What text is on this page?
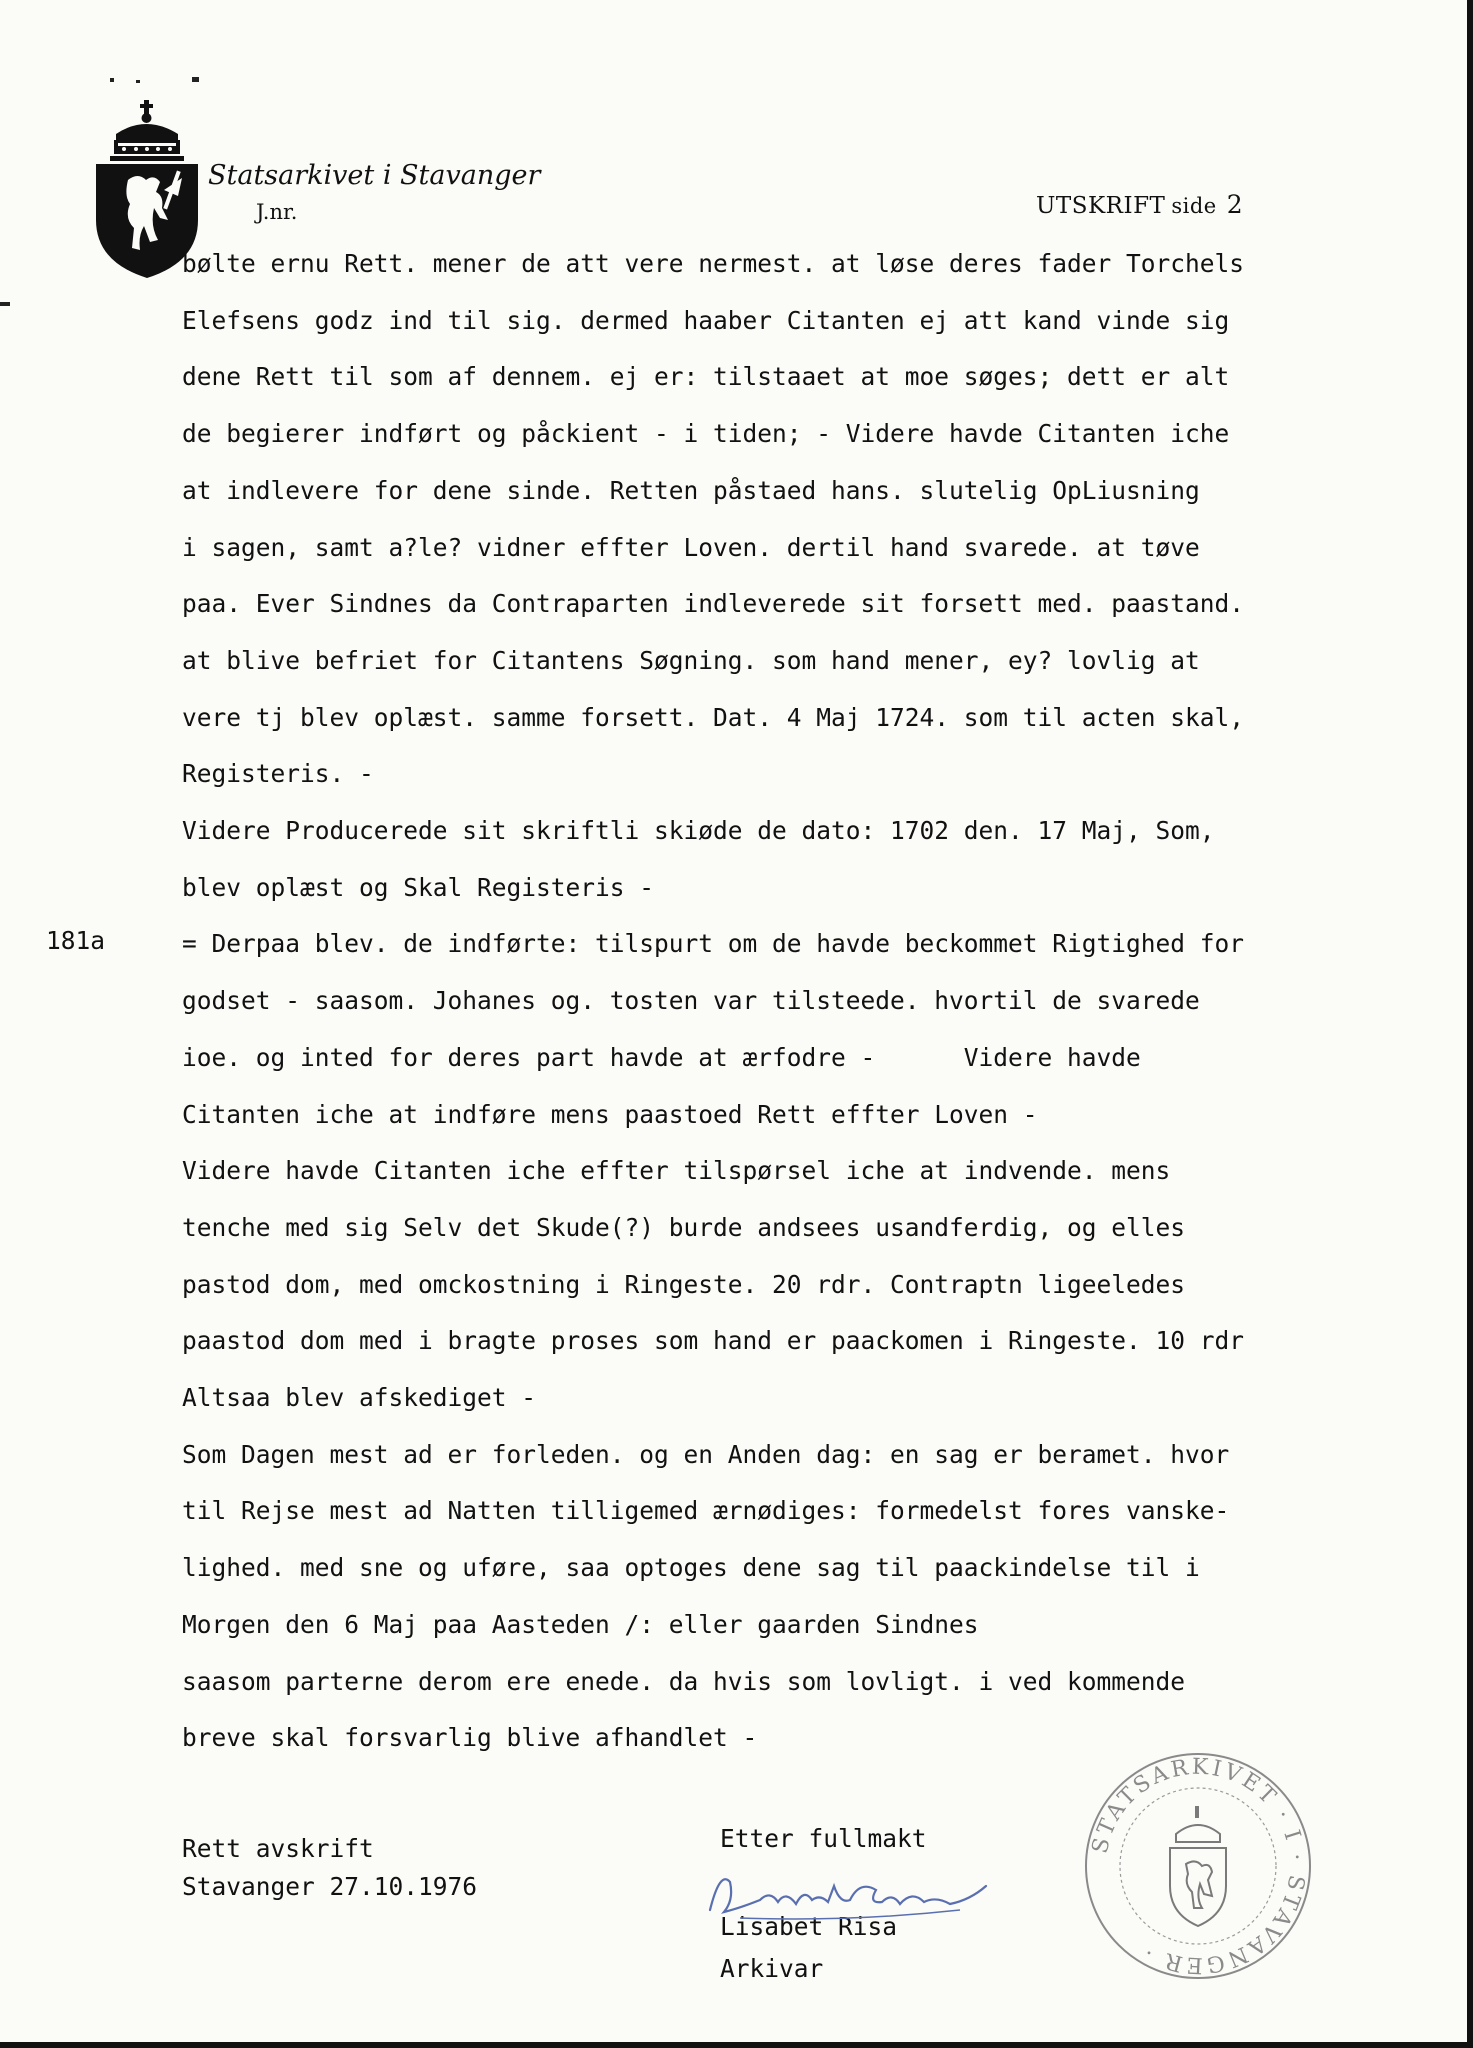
Statsarkivet i Stavanger
J.nr.	UTSKRIFT side 2
181a
bølte ernu Rett. mener de att vere nermest. at løse deres fader Torchels
Elefsens godz ind til sig. dermed haaber Citanten ej att kand vinde sig
dene Rett til som af dennem. ej er: tilstaaet at moe søges; dett er alt
de begierer indført og påckient - i tiden; - Videre havde Citanten iche
at indlevere for dene sinde. Retten påstaed hans. slutelig OpLiusning
i sagen, samt a?le? vidner effter Loven. dertil hand svarede. at tøve
paa. Ever Sindnes da Contraparten indleverede sit forsett med. paastand.
at blive befriet for Citantens Søgning. som hand mener, ey? lovlig at
vere tj blev oplæst. samme forsett. Dat. 4 Maj 1724. som til acten skal,
Registeris. -
Videre Producerede sit skriftli skiøde de dato: 1702 den. 17 Maj, Som,
blev oplæst og Skal Registeris -
= Derpaa blev. de indførte: tilspurt om de havde beckommet Rigtighed for
godset - saasom. Johanes og. tosten var tilsteede. hvortil de svarede
ioe. og inted for deres part havde at ærfodre -      Videre havde
Citanten iche at indføre mens paastoed Rett effter Loven -
Videre havde Citanten iche effter tilspørsel iche at indvende. mens
tenche med sig Selv det Skude(?) burde andsees usandferdig, og elles
pastod dom, med omckostning i Ringeste. 20 rdr. Contraptn ligeeledes
paastod dom med i bragte proses som hand er paackomen i Ringeste. 10 rdr
Altsaa blev afskediget -
Som Dagen mest ad er forleden. og en Anden dag: en sag er beramet. hvor
til Rejse mest ad Natten tilligemed ærnødiges: formedelst fores vanske-
lighed. med sne og uføre, saa optoges dene sag til paackindelse til i
Morgen den 6 Maj paa Aasteden /: eller gaarden Sindnes
saasom parterne derom ere enede. da hvis som lovligt. i ved kommende
breve skal forsvarlig blive afhandlet -
Rett avskrift
Stavanger 27.10.1976

Etter fullmakt

Lisabet Risa

Arkivar

STATSARKIVET · I · STAVANGER ·
